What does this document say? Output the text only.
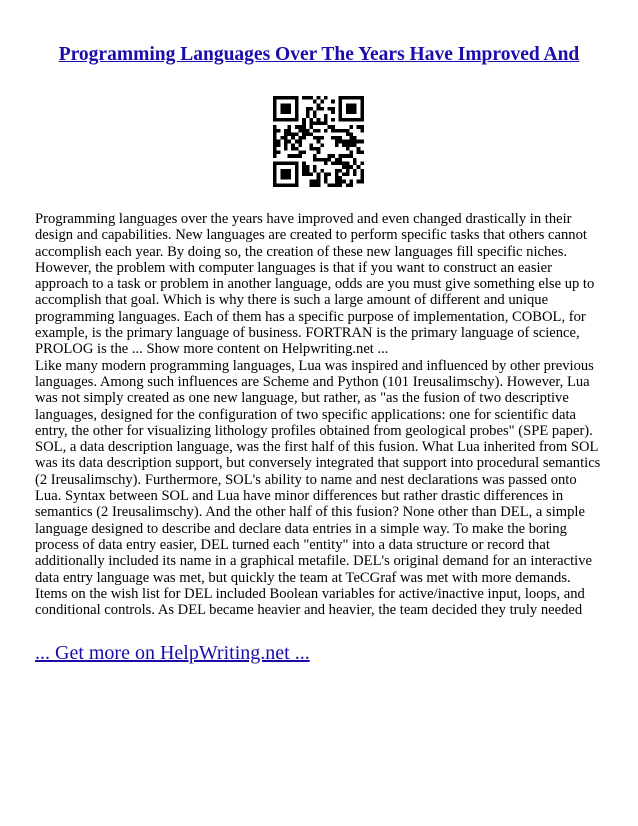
Programming Languages Over The Years Have Improved And

Programming languages over the years have improved and even changed drastically in their design and capabilities. New languages are created to perform specific tasks that others cannot accomplish each year. By doing so, the creation of these new languages fill specific niches. However, the problem with computer languages is that if you want to construct an easier approach to a task or problem in another language, odds are you must give something else up to accomplish that goal. Which is why there is such a large amount of different and unique programming languages. Each of them has a specific purpose of implementation, COBOL, for example, is the primary language of business. FORTRAN is the primary language of science, PROLOG is the ... Show more content on Helpwriting.net ...

Like many modern programming languages, Lua was inspired and influenced by other previous languages. Among such influences are Scheme and Python (101 Ireusalimschy). However, Lua was not simply created as one new language, but rather, as "as the fusion of two descriptive languages, designed for the configuration of two specific applications: one for scientific data entry, the other for visualizing lithology profiles obtained from geological probes" (SPE paper). SOL, a data description language, was the first half of this fusion. What Lua inherited from SOL was its data description support, but conversely integrated that support into procedural semantics (2 Ireusalimschy). Furthermore, SOL's ability to name and nest declarations was passed onto Lua. Syntax between SOL and Lua have minor differences but rather drastic differences in semantics (2 Ireusalimschy). And the other half of this fusion? None other than DEL, a simple language designed to describe and declare data entries in a simple way. To make the boring process of data entry easier, DEL turned each "entity" into a data structure or record that additionally included its name in a graphical metafile. DEL's original demand for an interactive data entry language was met, but quickly the team at TeCGraf was met with more demands. Items on the wish list for DEL included Boolean variables for active/inactive input, loops, and conditional controls. As DEL became heavier and heavier, the team decided they truly needed

... Get more on HelpWriting.net ...
